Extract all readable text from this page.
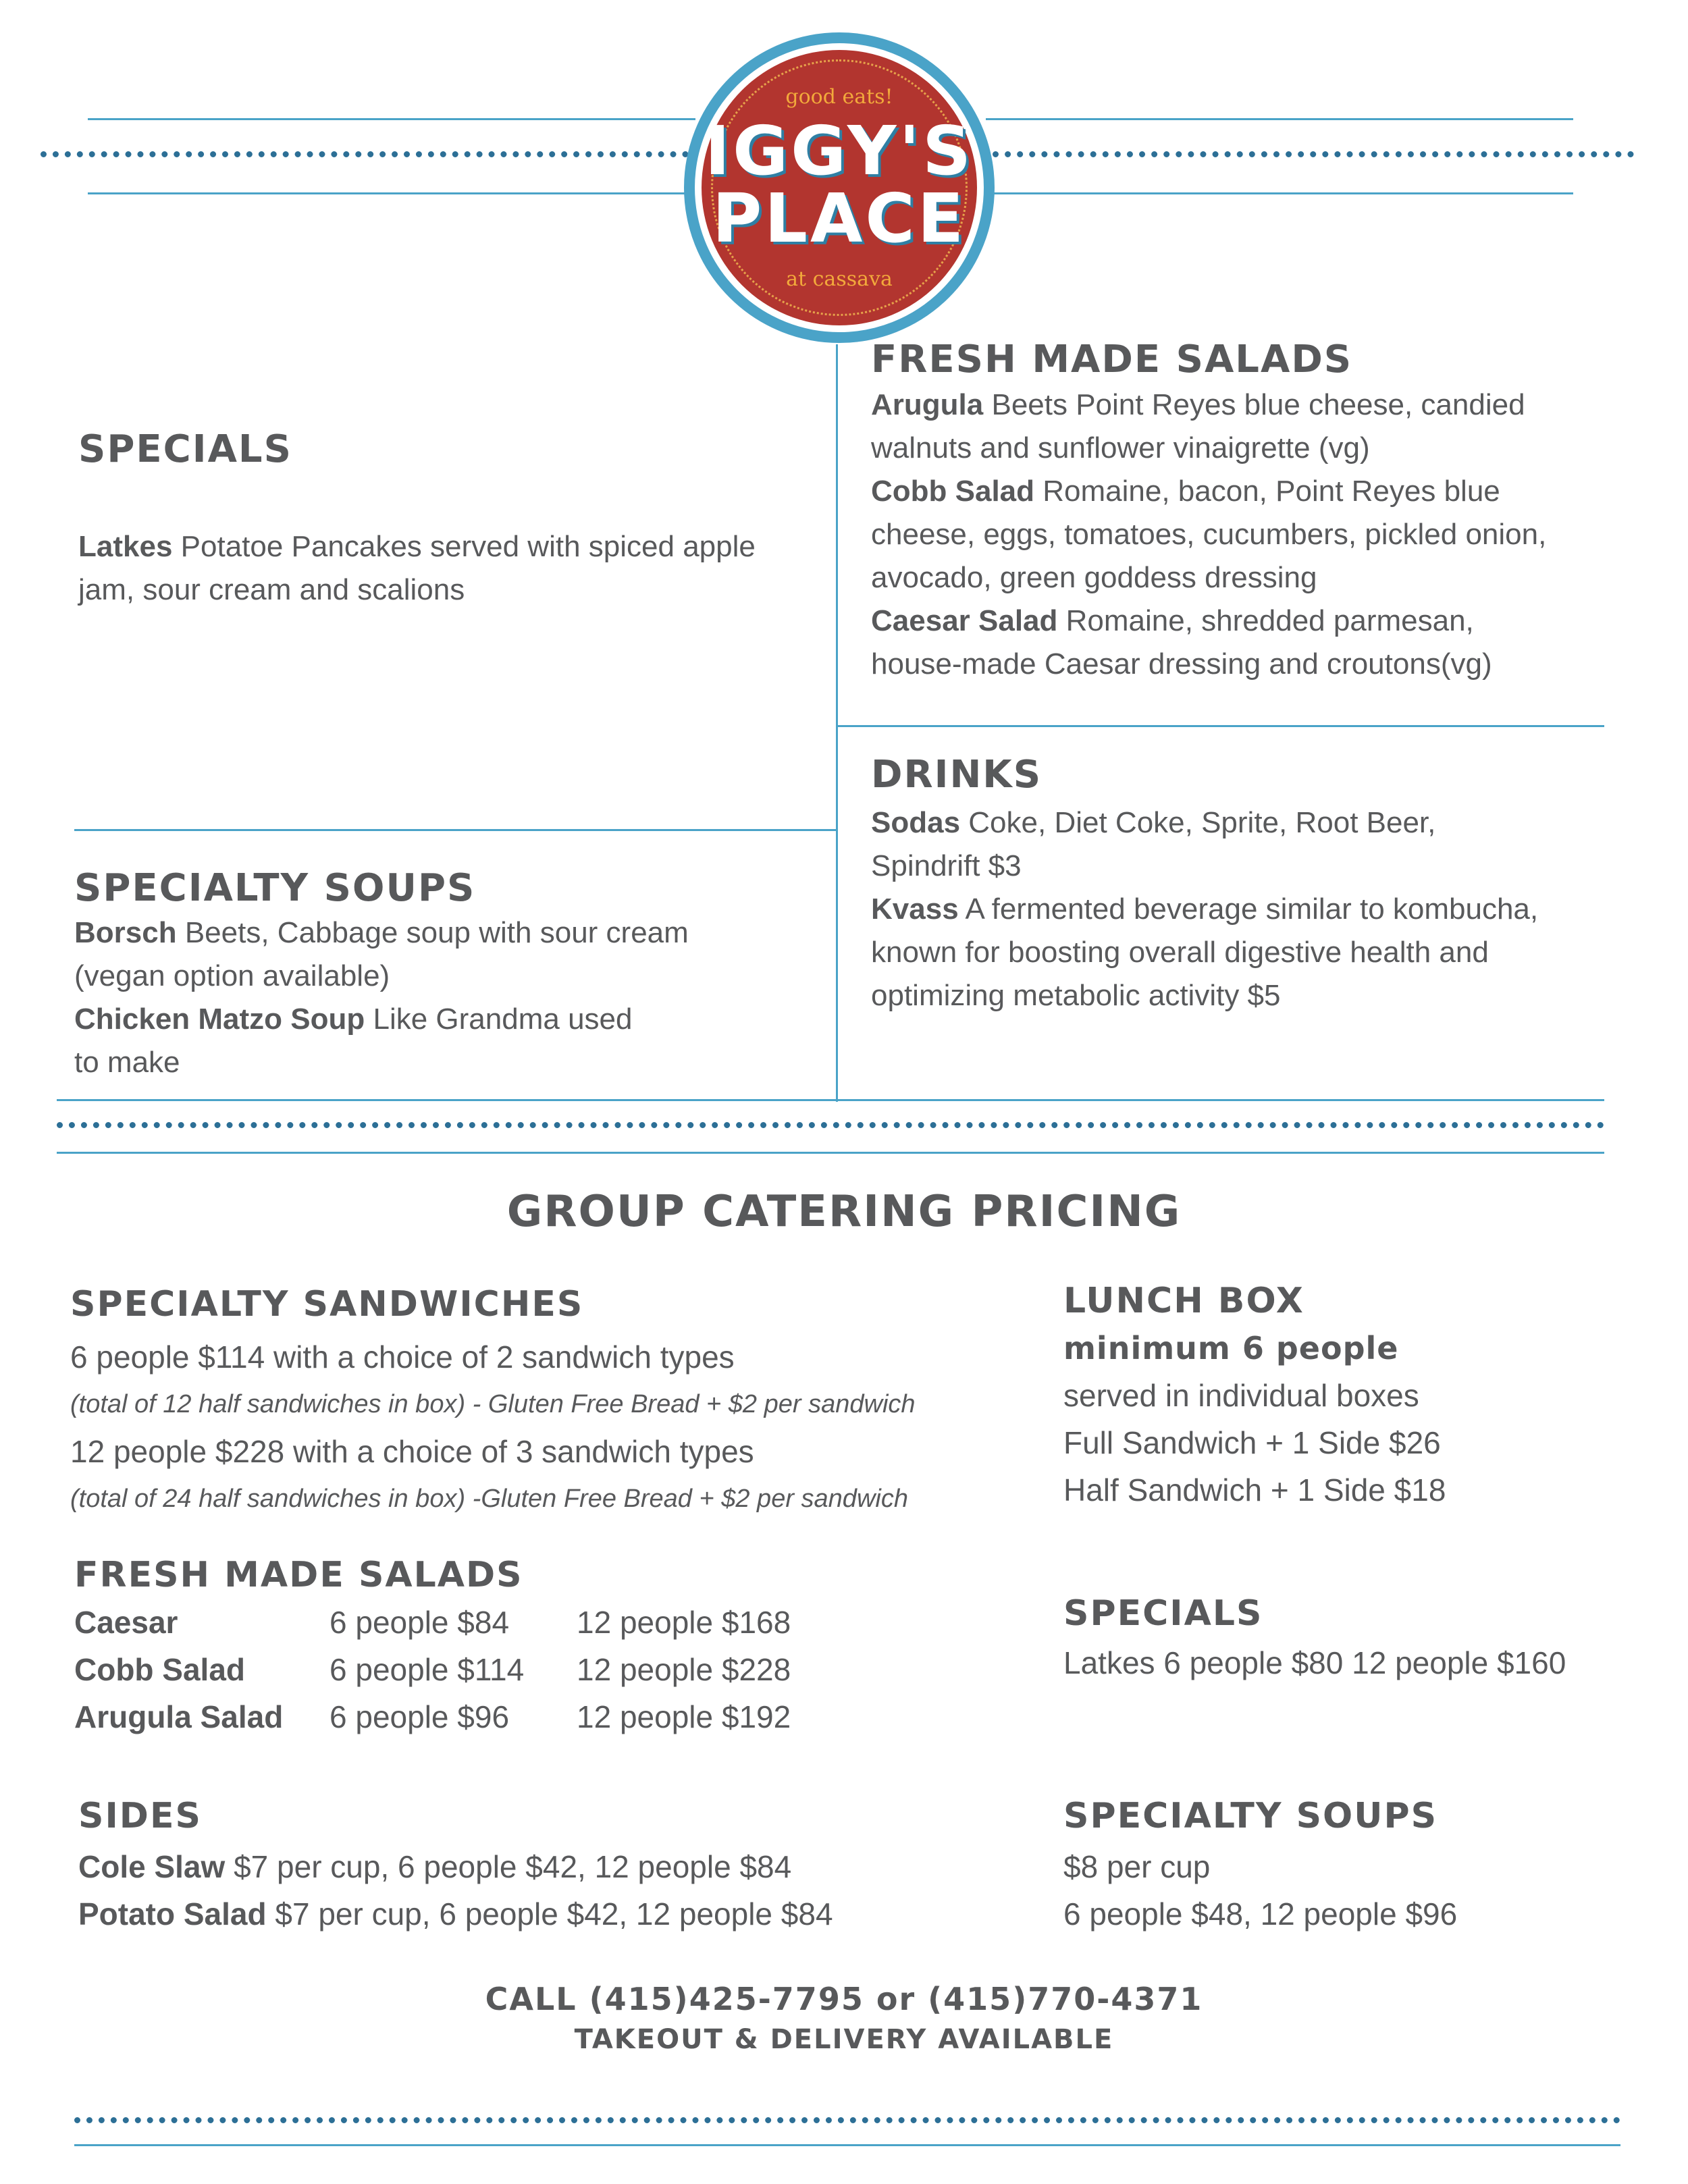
good eats!
IGGY'S
PLACE
at cassava
SPECIALS
Latkes Potatoe Pancakes served with spiced apple
jam, sour cream and scalions
SPECIALTY SOUPS
Borsch Beets, Cabbage soup with sour cream
(vegan option available)
Chicken Matzo Soup Like Grandma used
to make
FRESH MADE SALADS
Arugula Beets Point Reyes blue cheese, candied
walnuts and sunflower vinaigrette (vg)
Cobb Salad Romaine, bacon, Point Reyes blue
cheese, eggs, tomatoes, cucumbers, pickled onion,
avocado, green goddess dressing
Caesar Salad Romaine, shredded parmesan,
house-made Caesar dressing and croutons(vg)
DRINKS
Sodas Coke, Diet Coke, Sprite, Root Beer,
Spindrift $3
Kvass A fermented beverage similar to kombucha,
known for boosting overall digestive health and
optimizing metabolic activity $5
GROUP CATERING PRICING
SPECIALTY SANDWICHES
6 people $114 with a choice of 2 sandwich types
(total of 12 half sandwiches in box) - Gluten Free Bread + $2 per sandwich
12 people $228 with a choice of 3 sandwich types
(total of 24 half sandwiches in box) -Gluten Free Bread + $2 per sandwich
LUNCH BOX
minimum 6 people
served in individual boxes
Full Sandwich + 1 Side $26
Half Sandwich + 1 Side $18
FRESH MADE SALADS
Caesar	6 people $84 12 people $168
Cobb Salad	6 people $114 12 people $228
Arugula Salad 6 people $96 12 people $192
SPECIALS
Latkes 6 people $80 12 people $160
SIDES
Cole Slaw $7 per cup, 6 people $42, 12 people $84
Potato Salad $7 per cup, 6 people $42, 12 people $84
SPECIALTY SOUPS
$8 per cup
6 people $48, 12 people $96
CALL (415)425-7795 or (415)770-4371
TAKEOUT & DELIVERY AVAILABLE
